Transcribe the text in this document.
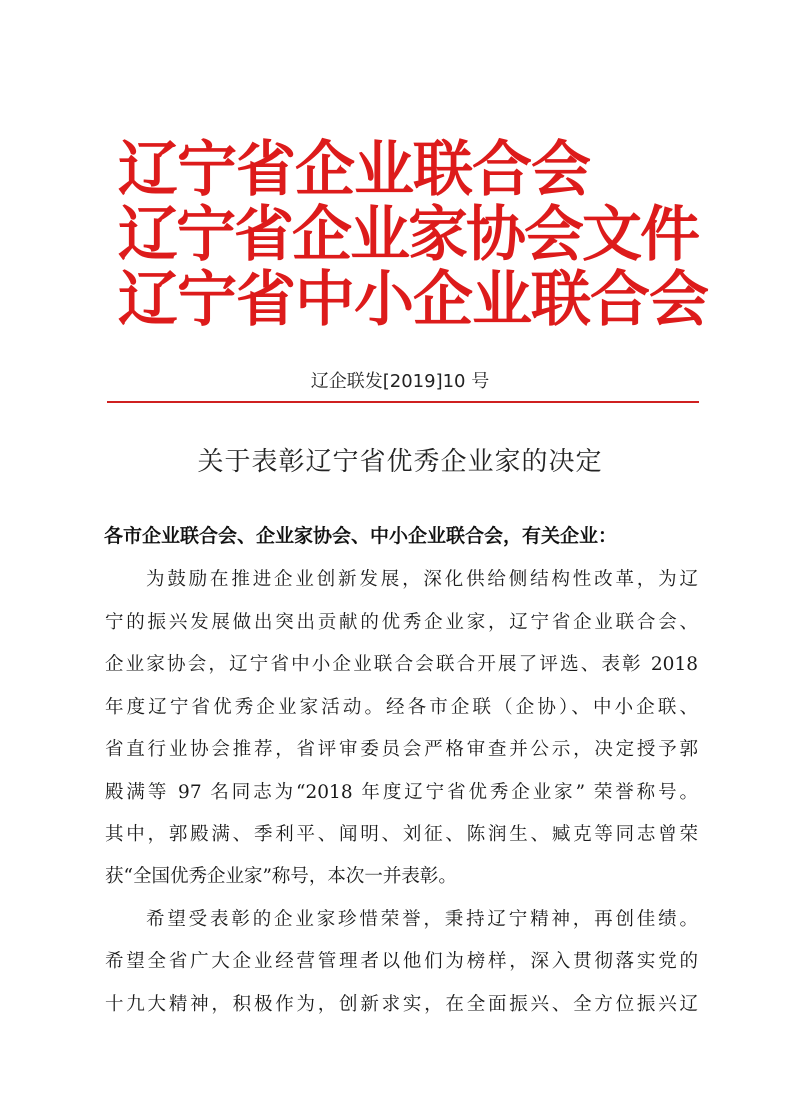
辽宁省企业联合会
辽宁省企业家协会文件
辽宁省中小企业联合会
辽企联发[2019]10 号
关于表彰辽宁省优秀企业家的决定
各市企业联合会、企业家协会、中小企业联合会，有关企业：
为鼓励在推进企业创新发展，深化供给侧结构性改革，为辽
宁的振兴发展做出突出贡献的优秀企业家，辽宁省企业联合会、
企业家协会，辽宁省中小企业联合会联合开展了评选、表彰 2018
年度辽宁省优秀企业家活动。经各市企联（企协）、中小企联、
省直行业协会推荐，省评审委员会严格审查并公示，决定授予郭
殿满等 97 名同志为“2018 年度辽宁省优秀企业家” 荣誉称号。
其中，郭殿满、季利平、闻明、刘征、陈润生、臧克等同志曾荣
获“全国优秀企业家”称号，本次一并表彰。
希望受表彰的企业家珍惜荣誉，秉持辽宁精神，再创佳绩。
希望全省广大企业经营管理者以他们为榜样，深入贯彻落实党的
十九大精神，积极作为，创新求实，在全面振兴、全方位振兴辽
